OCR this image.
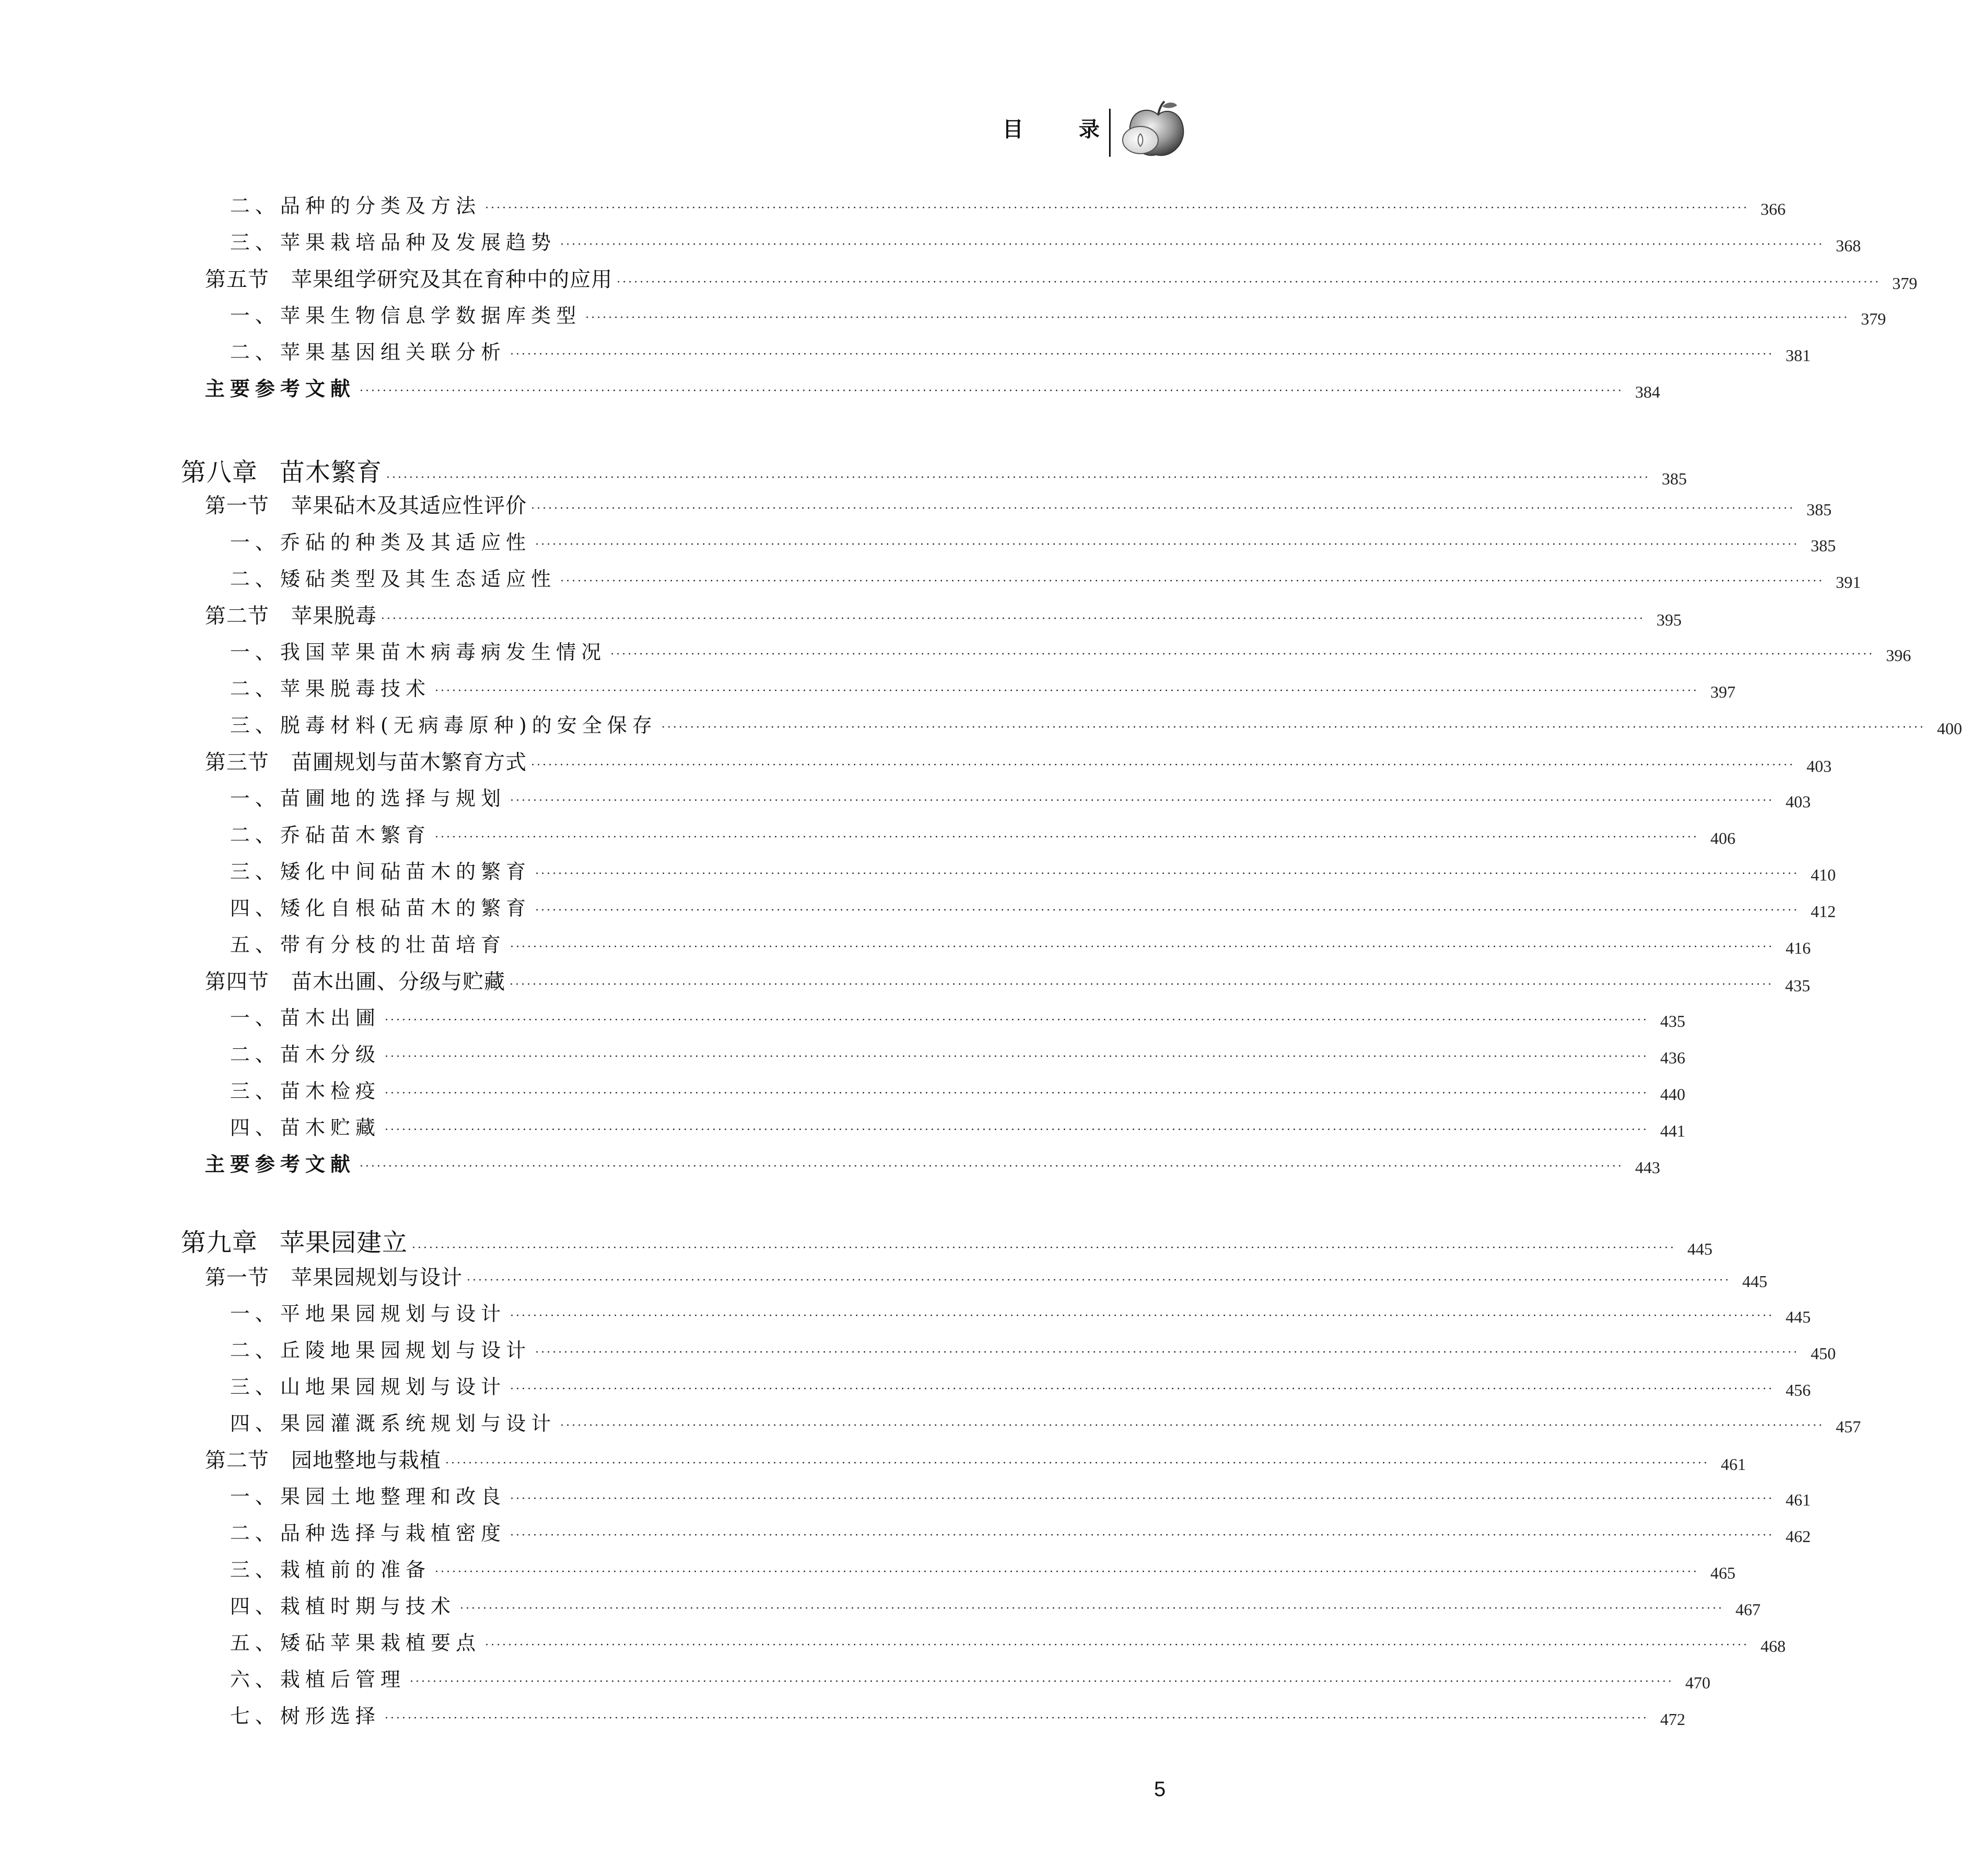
目	录
二、品种的分类及方法 ···························································································································································································································· 366
三、苹果栽培品种及发展趋势 ···························································································································································································································· 368
第五节 苹果组学研究及其在育种中的应用 ···························································································································································································································· 379
一、苹果生物信息学数据库类型 ···························································································································································································································· 379
二、苹果基因组关联分析 ···························································································································································································································· 381
主要参考文献 ···························································································································································································································· 384
第八章 苗木繁育 ···························································································································································································································· 385
第一节 苹果砧木及其适应性评价 ···························································································································································································································· 385
一、乔砧的种类及其适应性 ···························································································································································································································· 385
二、矮砧类型及其生态适应性 ···························································································································································································································· 391
第二节 苹果脱毒 ···························································································································································································································· 395
一、我国苹果苗木病毒病发生情况 ···························································································································································································································· 396
二、苹果脱毒技术 ···························································································································································································································· 397
三、脱毒材料(无病毒原种)的安全保存 ···························································································································································································································· 400
第三节 苗圃规划与苗木繁育方式 ···························································································································································································································· 403
一、苗圃地的选择与规划 ···························································································································································································································· 403
二、乔砧苗木繁育 ···························································································································································································································· 406
三、矮化中间砧苗木的繁育 ···························································································································································································································· 410
四、矮化自根砧苗木的繁育 ···························································································································································································································· 412
五、带有分枝的壮苗培育 ···························································································································································································································· 416
第四节 苗木出圃、分级与贮藏 ···························································································································································································································· 435
一、苗木出圃 ···························································································································································································································· 435
二、苗木分级 ···························································································································································································································· 436
三、苗木检疫 ···························································································································································································································· 440
四、苗木贮藏 ···························································································································································································································· 441
主要参考文献 ···························································································································································································································· 443
第九章 苹果园建立 ···························································································································································································································· 445
第一节 苹果园规划与设计 ···························································································································································································································· 445
一、平地果园规划与设计 ···························································································································································································································· 445
二、丘陵地果园规划与设计 ···························································································································································································································· 450
三、山地果园规划与设计 ···························································································································································································································· 456
四、果园灌溉系统规划与设计 ···························································································································································································································· 457
第二节 园地整地与栽植 ···························································································································································································································· 461
一、果园土地整理和改良 ···························································································································································································································· 461
二、品种选择与栽植密度 ···························································································································································································································· 462
三、栽植前的准备 ···························································································································································································································· 465
四、栽植时期与技术 ···························································································································································································································· 467
五、矮砧苹果栽植要点 ···························································································································································································································· 468
六、栽植后管理 ···························································································································································································································· 470
七、树形选择 ···························································································································································································································· 472
5
